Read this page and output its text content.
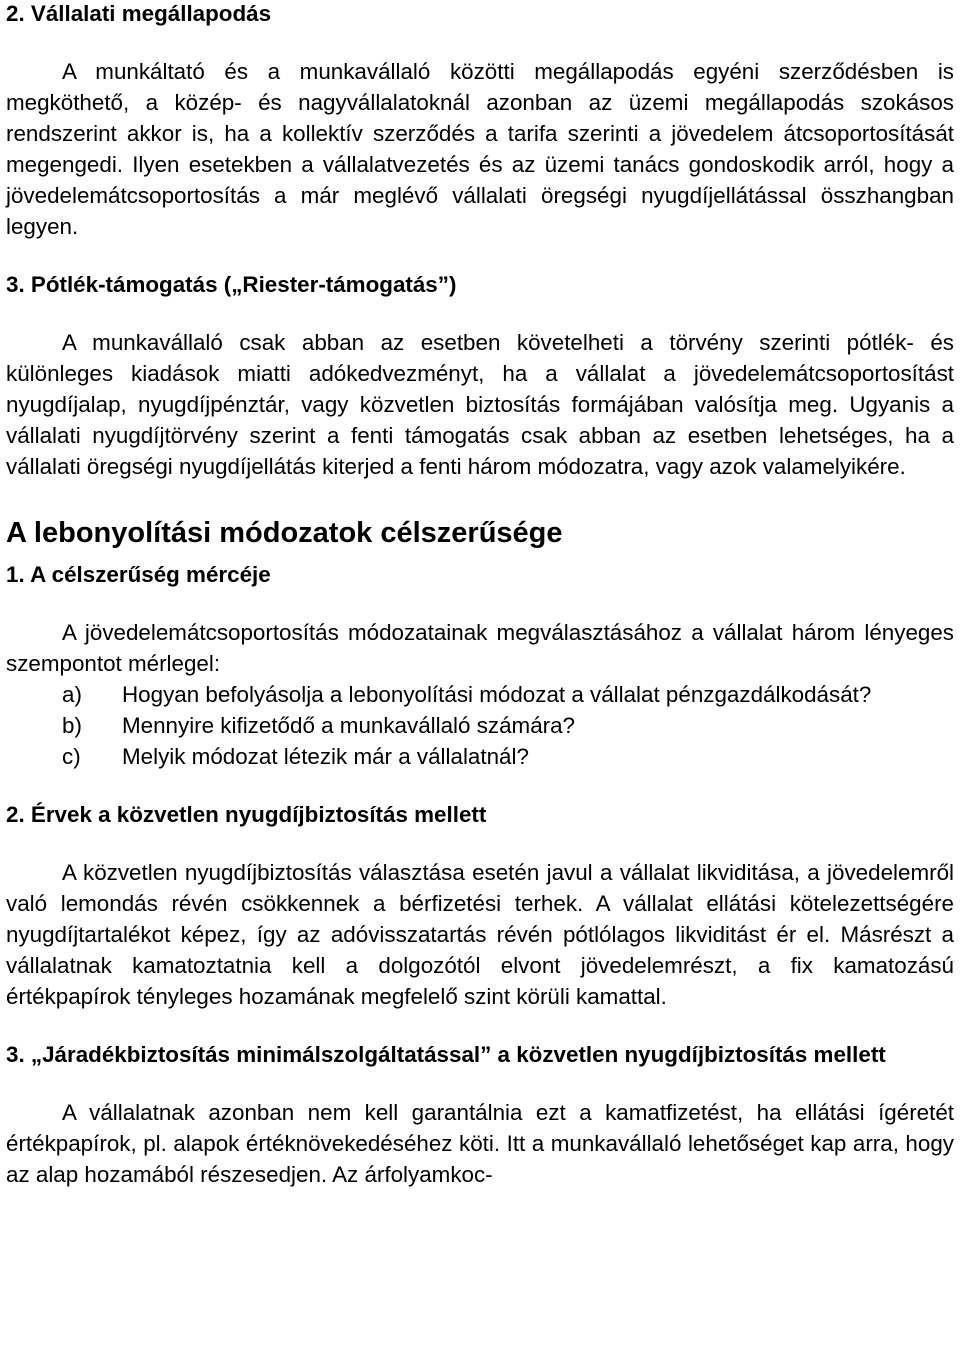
2. Vállalati megállapodás

A munkáltató és a munkavállaló közötti megállapodás egyéni szerződésben is megköthető, a közép- és nagyvállalatoknál azonban az üzemi megállapodás szokásos rendszerint akkor is, ha a kollektív szerződés a tarifa szerinti a jövedelem átcsoportosítását megengedi. Ilyen esetekben a vállalatvezetés és az üzemi tanács gondoskodik arról, hogy a jövedelemátcsoportosítás a már meglévő vállalati öregségi nyugdíjellátással összhangban legyen.

3. Pótlék-támogatás („Riester-támogatás”)

A munkavállaló csak abban az esetben követelheti a törvény szerinti pótlék- és különleges kiadások miatti adókedvezményt, ha a vállalat a jövedelemátcsoportosítást nyugdíjalap, nyugdíjpénztár, vagy közvetlen biztosítás formájában valósítja meg. Ugyanis a vállalati nyugdíjtörvény szerint a fenti támogatás csak abban az esetben lehetséges, ha a vállalati öregségi nyugdíjellátás kiterjed a fenti három módozatra, vagy azok valamelyikére.

A lebonyolítási módozatok célszerűsége

1. A célszerűség mércéje

A jövedelemátcsoportosítás módozatainak megválasztásához a vállalat három lényeges szempontot mérlegel:

a) Hogyan befolyásolja a lebonyolítási módozat a vállalat pénzgazdálkodását?
b) Mennyire kifizetődő a munkavállaló számára?
c) Melyik módozat létezik már a vállalatnál?

2. Érvek a közvetlen nyugdíjbiztosítás mellett

A közvetlen nyugdíjbiztosítás választása esetén javul a vállalat likviditása, a jövedelemről való lemondás révén csökkennek a bérfizetési terhek. A vállalat ellátási kötelezettségére nyugdíjtartalékot képez, így az adóvisszatartás révén pótlólagos likviditást ér el. Másrészt a vállalatnak kamatoztatnia kell a dolgozótól elvont jövedelemrészt, a fix kamatozású értékpapírok tényleges hozamának megfelelő szint körüli kamattal.

3. „Járadékbiztosítás minimálszolgáltatással” a közvetlen nyugdíjbiztosítás mellett

A vállalatnak azonban nem kell garantálnia ezt a kamatfizetést, ha ellátási ígéretét értékpapírok, pl. alapok értéknövekedéséhez köti. Itt a munkavállaló lehetőséget kap arra, hogy az alap hozamából részesedjen. Az árfolyamkoc-
